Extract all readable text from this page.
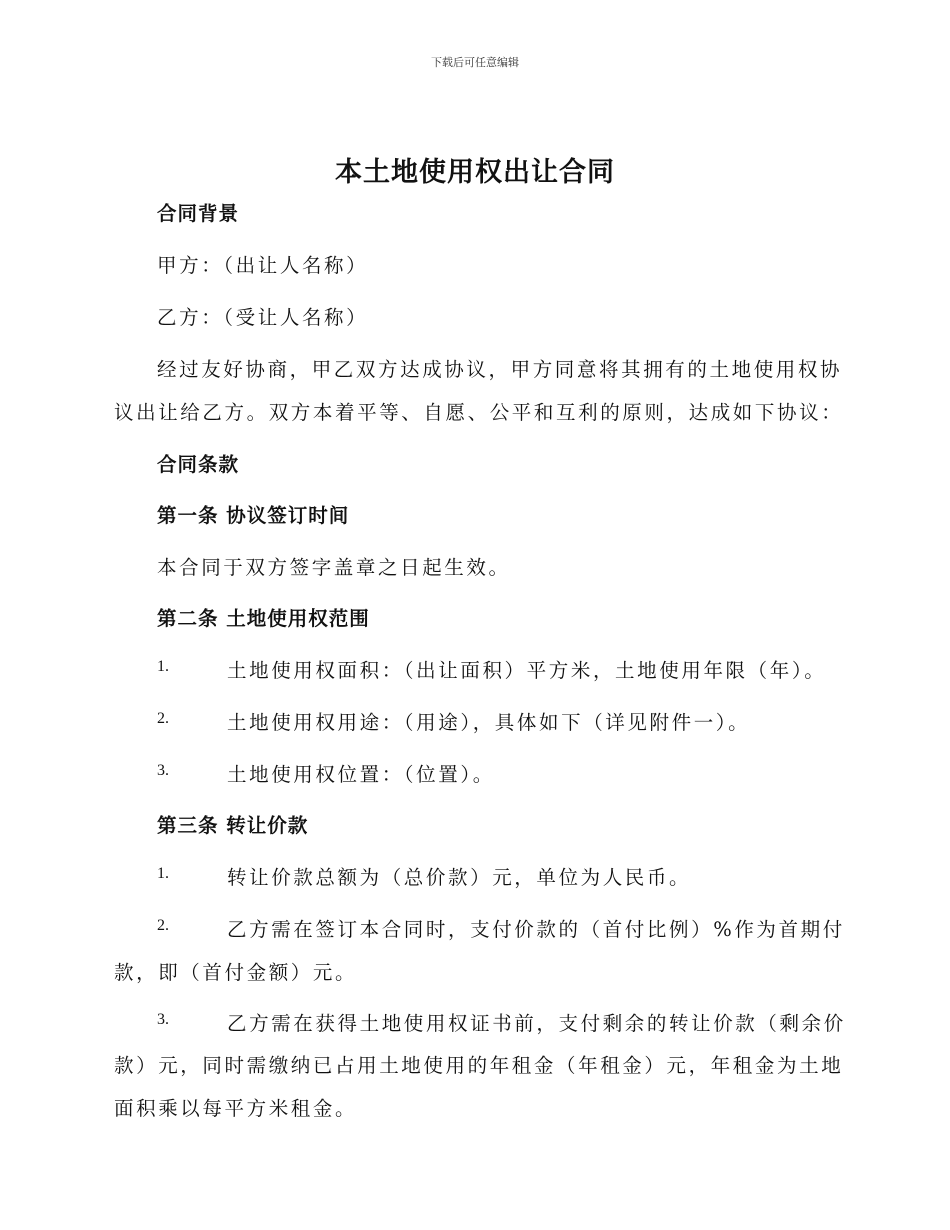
下载后可任意编辑
本土地使用权出让合同
合同背景
甲方：（出让人名称）
乙方：（受让人名称）
经过友好协商，甲乙双方达成协议，甲方同意将其拥有的土地使用权协
议出让给乙方。双方本着平等、自愿、公平和互利的原则，达成如下协议：
合同条款
第一条 协议签订时间
本合同于双方签字盖章之日起生效。
第二条 土地使用权范围
1.	土地使用权面积：（出让面积）平方米，土地使用年限（年）。
2.	土地使用权用途：（用途），具体如下（详见附件一）。
3.	土地使用权位置：（位置）。
第三条 转让价款
1.	转让价款总额为（总价款）元，单位为人民币。
2.	乙方需在签订本合同时，支付价款的（首付比例）%作为首期付
款，即（首付金额）元。
3.	乙方需在获得土地使用权证书前，支付剩余的转让价款（剩余价
款）元，同时需缴纳已占用土地使用的年租金（年租金）元，年租金为土地
面积乘以每平方米租金。
